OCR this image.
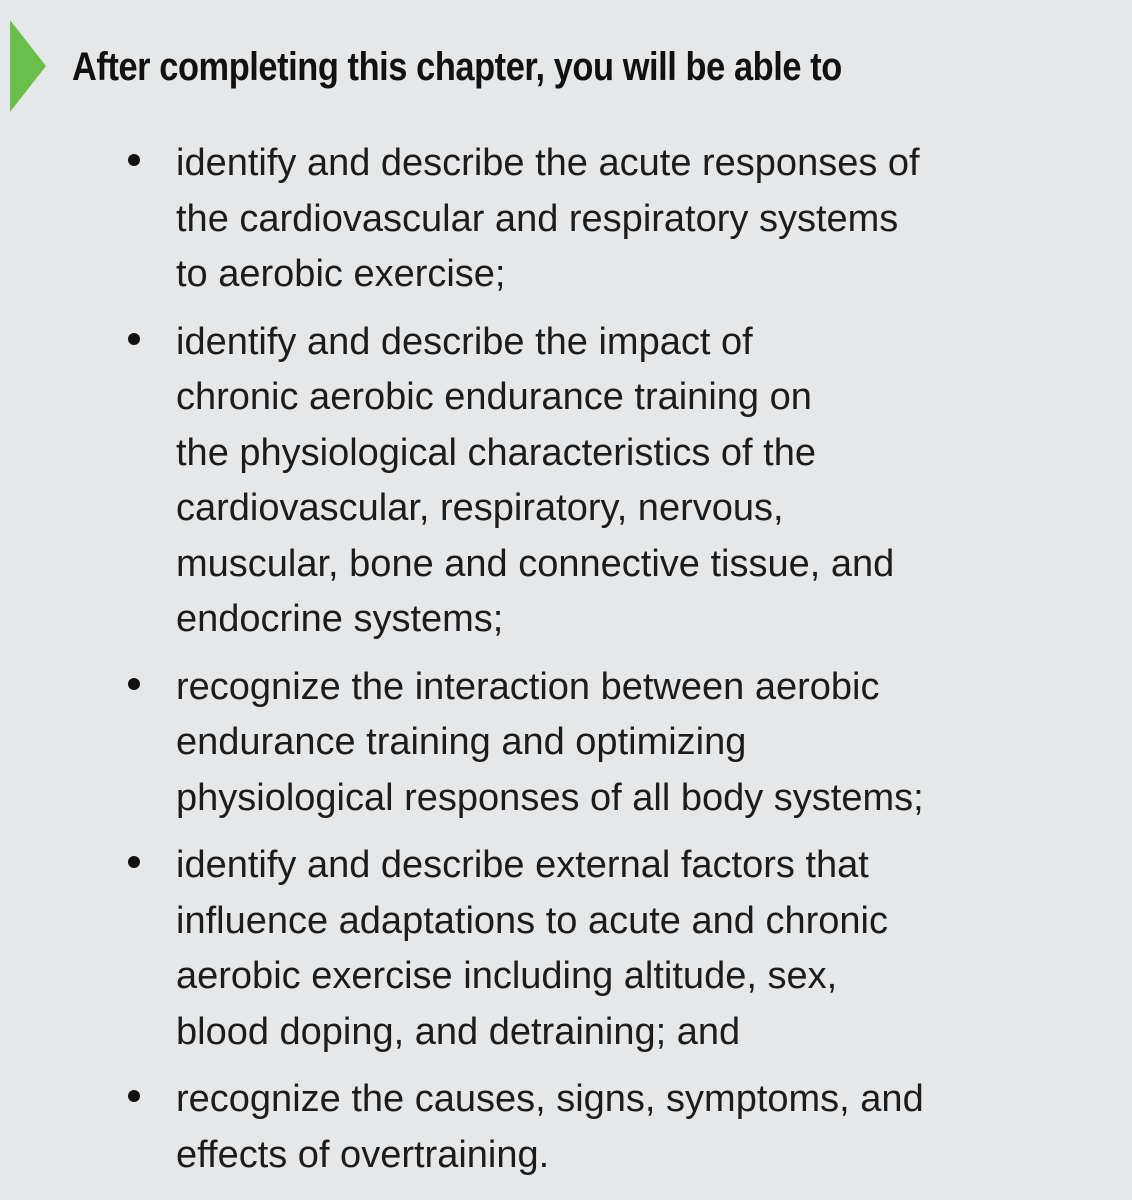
After completing this chapter, you will be able to
identify and describe the acute responses of
the cardiovascular and respiratory systems
to aerobic exercise;
identify and describe the impact of
chronic aerobic endurance training on
the physiological characteristics of the
cardiovascular, respiratory, nervous,
muscular, bone and connective tissue, and
endocrine systems;
recognize the interaction between aerobic
endurance training and optimizing
physiological responses of all body systems;
identify and describe external factors that
influence adaptations to acute and chronic
aerobic exercise including altitude, sex,
blood doping, and detraining; and
recognize the causes, signs, symptoms, and
effects of overtraining.
